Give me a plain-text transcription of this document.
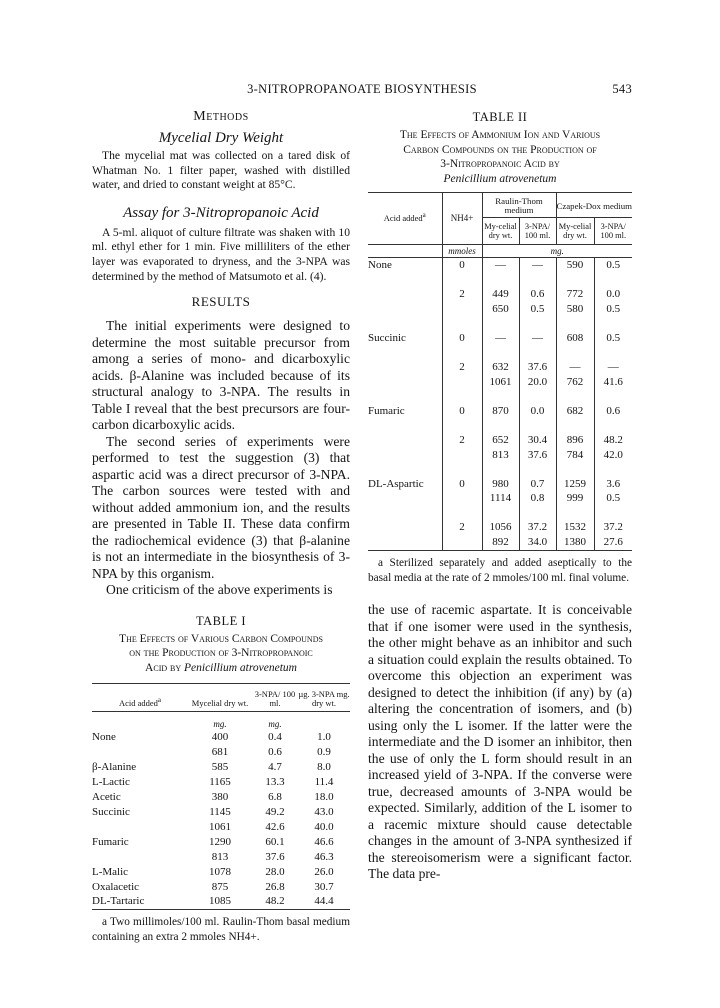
3-NITROPROPANOATE BIOSYNTHESIS	543

Methods

Mycelial Dry Weight

The mycelial mat was collected on a tared disk of Whatman No. 1 filter paper, washed with distilled water, and dried to constant weight at 85°C.

Assay for 3-Nitropropanoic Acid

A 5-ml. aliquot of culture filtrate was shaken with 10 ml. ethyl ether for 1 min. Five milliliters of the ether layer was evaporated to dryness, and the 3-NPA was determined by the method of Matsumoto et al. (4).

RESULTS

The initial experiments were designed to determine the most suitable precursor from among a series of mono- and dicarboxylic acids. β-Alanine was included because of its structural analogy to 3-NPA. The results in Table I reveal that the best precursors are four-carbon dicarboxylic acids.

The second series of experiments were performed to test the suggestion (3) that aspartic acid was a direct precursor of 3-NPA. The carbon sources were tested with and without added ammonium ion, and the results are presented in Table II. These data confirm the radiochemical evidence (3) that β-alanine is not an intermediate in the biosynthesis of 3-NPA by this organism.

One criticism of the above experiments is

TABLE I

The Effects of Various Carbon Compounds

on the Production of 3-Nitropropanoic

Acid by Penicillium atrovenetum

Acid added$^a$	Mycelial dry wt.	3-NPA/ 100 ml.	µg. 3-NPA mg. dry wt.
	mg.	mg.	
None	400	0.4	1.0
	681	0.6	0.9
β-Alanine	585	4.7	8.0
L-Lactic	1165	13.3	11.4
Acetic	380	6.8	18.0
Succinic	1145	49.2	43.0
	1061	42.6	40.0
Fumaric	1290	60.1	46.6
	813	37.6	46.3
L-Malic	1078	28.0	26.0
Oxalacetic	875	26.8	30.7
DL-Tartaric	1085	48.2	44.4

a Two millimoles/100 ml. Raulin-Thom basal medium containing an extra 2 mmoles NH4+.

TABLE II

The Effects of Ammonium Ion and Various

Carbon Compounds on the Production of

3-Nitropropanoic Acid by

Penicillium atrovenetum

Acid added$^a$	NH4+	Raulin-Thom medium		Czapek-Dox medium	
		My-celial dry wt.	3-NPA/ 100 ml.	My-celial dry wt.	3-NPA/ 100 ml.
	mmoles	mg.			
None	0	—	—	590	0.5

	2	449	0.6	772	0.0
		650	0.5	580	0.5

Succinic	0	—	—	608	0.5

	2	632	37.6	—	—
		1061	20.0	762	41.6

Fumaric	0	870	0.0	682	0.6

	2	652	30.4	896	48.2
		813	37.6	784	42.0

DL-Aspartic	0	980	0.7	1259	3.6
		1114	0.8	999	0.5

	2	1056	37.2	1532	37.2
		892	34.0	1380	27.6

a Sterilized separately and added aseptically to the basal media at the rate of 2 mmoles/100 ml. final volume.

the use of racemic aspartate. It is conceivable that if one isomer were used in the synthesis, the other might behave as an inhibitor and such a situation could explain the results obtained. To overcome this objection an experiment was designed to detect the inhibition (if any) by (a) altering the concentration of isomers, and (b) using only the L isomer. If the latter were the intermediate and the D isomer an inhibitor, then the use of only the L form should result in an increased yield of 3-NPA. If the converse were true, decreased amounts of 3-NPA would be expected. Similarly, addition of the L isomer to a racemic mixture should cause detectable changes in the amount of 3-NPA synthesized if the stereoisomerism were a significant factor. The data pre-
